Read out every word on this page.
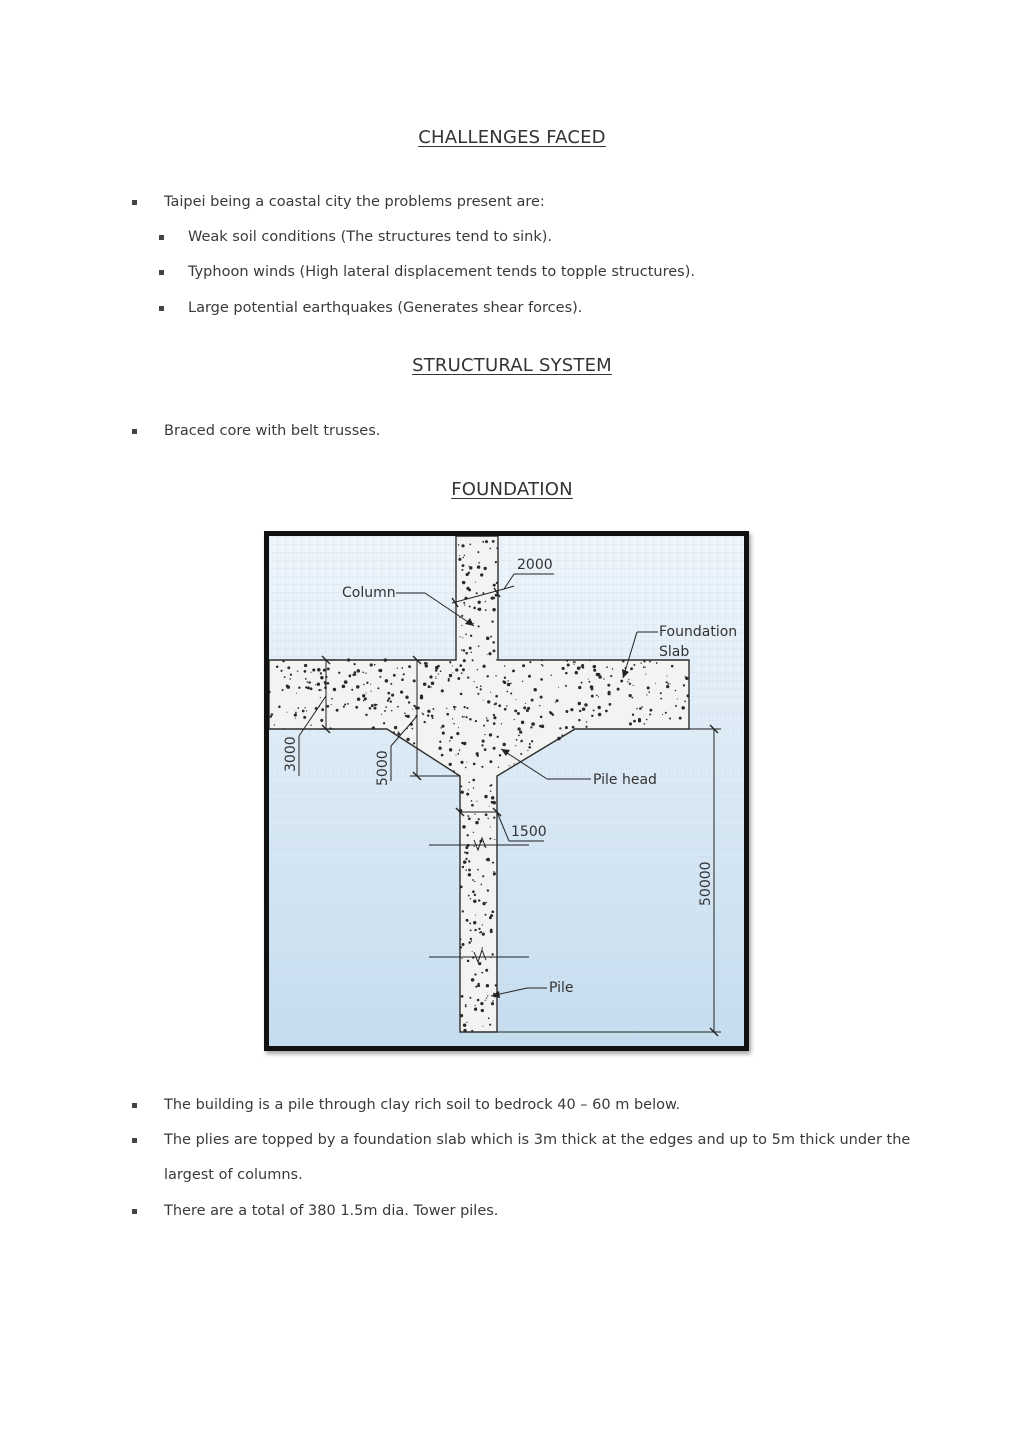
CHALLENGES FACED
Taipei being a coastal city the problems present are:
Weak soil conditions (The structures tend to sink).
Typhoon winds (High lateral displacement tends to topple structures).
Large potential earthquakes (Generates shear forces).
STRUCTURAL SYSTEM
Braced core with belt trusses.
FOUNDATION
2000
Column
Foundation
Slab
3000	5000	Pile head
1500
50000
Pile
The building is a pile through clay rich soil to bedrock 40 – 60 m below.
The plies are topped by a foundation slab which is 3m thick at the edges and up to 5m thick under the
largest of columns.
There are a total of 380 1.5m dia. Tower piles.
